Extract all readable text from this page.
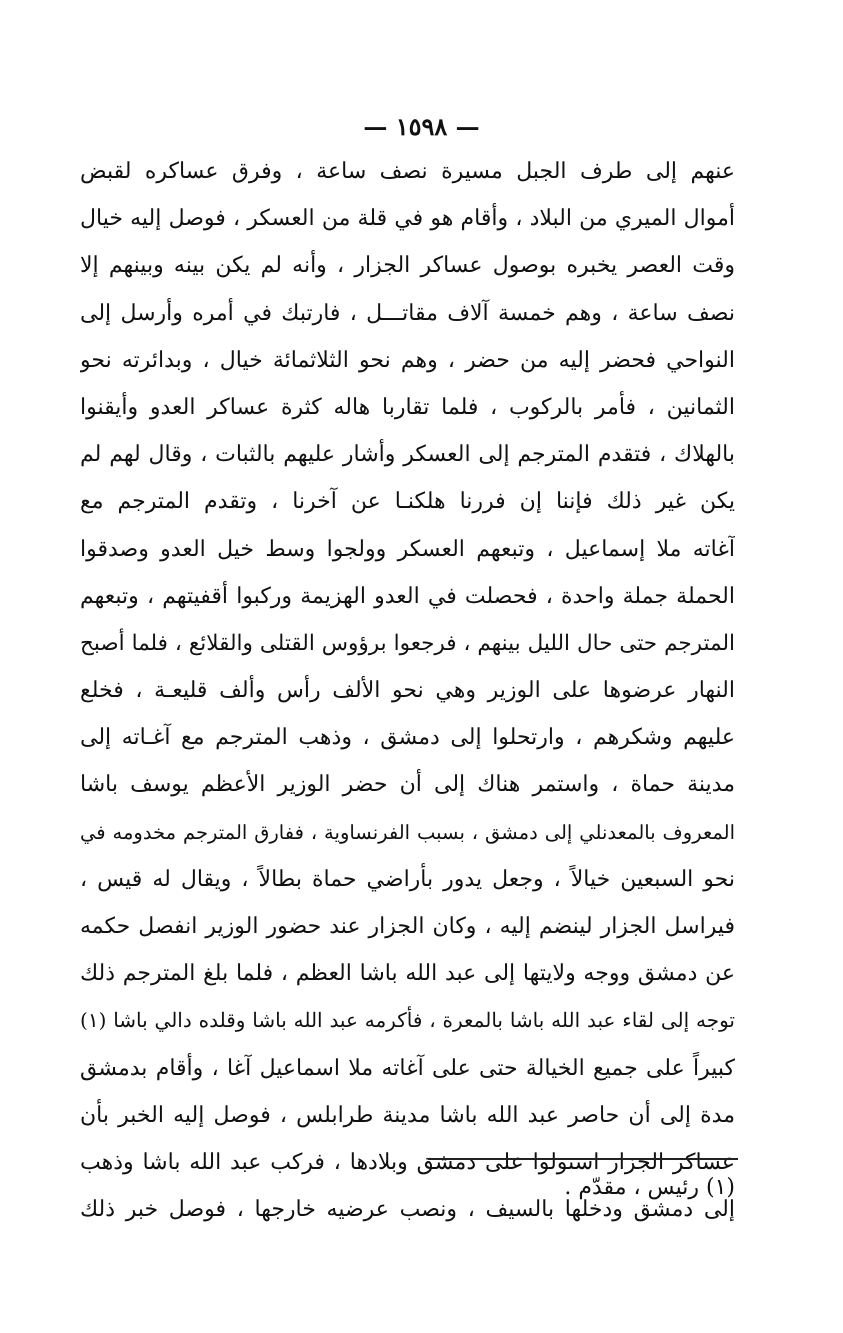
— ١٥٩٨ —
عنهم إلى طرف الجبل مسيرة نصف ساعة ، وفرق عساكره لقبض
أموال الميري من البلاد ، وأقام هو في قلة من العسكر ، فوصل إليه خيال
وقت العصر يخبره بوصول عساكر الجزار ، وأنه لم يكن بينه وبينهم إلا
نصف ساعة ، وهم خمسة آلاف مقاتـــل ، فارتبك في أمره وأرسل إلى
النواحي فحضر إليه من حضر ، وهم نحو الثلاثمائة خيال ، وبدائرته نحو
الثمانين ، فأمر بالركوب ، فلما تقاربا هاله كثرة عساكر العدو وأيقنوا
بالهلاك ، فتقدم المترجم إلى العسكر وأشار عليهم بالثبات ، وقال لهم لم
يكن غير ذلك فإننا إن فررنا هلكنـا عن آخرنا ، وتقدم المترجم مع
آغاته ملا إسماعيل ، وتبعهم العسكر وولجوا وسط خيل العدو وصدقوا
الحملة جملة واحدة ، فحصلت في العدو الهزيمة وركبوا أقفيتهم ، وتبعهم
المترجم حتى حال الليل بينهم ، فرجعوا برؤوس القتلى والقلائع ، فلما أصبح
النهار عرضوها على الوزير وهي نحو الألف رأس وألف قليعـة ، فخلع
عليهم وشكرهم ، وارتحلوا إلى دمشق ، وذهب المترجم مع آغـاته إلى
مدينة حماة ، واستمر هناك إلى أن حضر الوزير الأعظم يوسف باشا
المعروف بالمعدنلي إلى دمشق ، بسبب الفرنساوية ، ففارق المترجم مخدومه في
نحو السبعين خيالاً ، وجعل يدور بأراضي حماة بطالاً ، ويقال له قيس ،
فيراسل الجزار لينضم إليه ، وكان الجزار عند حضور الوزير انفصل حكمه
عن دمشق ووجه ولايتها إلى عبد الله باشا العظم ، فلما بلغ المترجم ذلك
توجه إلى لقاء عبد الله باشا بالمعرة ، فأكرمه عبد الله باشا وقلده دالي باشا (١)
كبيراً على جميع الخيالة حتى على آغاته ملا اسماعيل آغا ، وأقام بدمشق
مدة إلى أن حاصر عبد الله باشا مدينة طرابلس ، فوصل إليه الخبر بأن
عساكر الجزار استولوا على دمشق وبلادها ، فركب عبد الله باشا وذهب
إلى دمشق ودخلها بالسيف ، ونصب عرضيه خارجها ، فوصل خبر ذلك
(١) رئيس ، مقدّم .
